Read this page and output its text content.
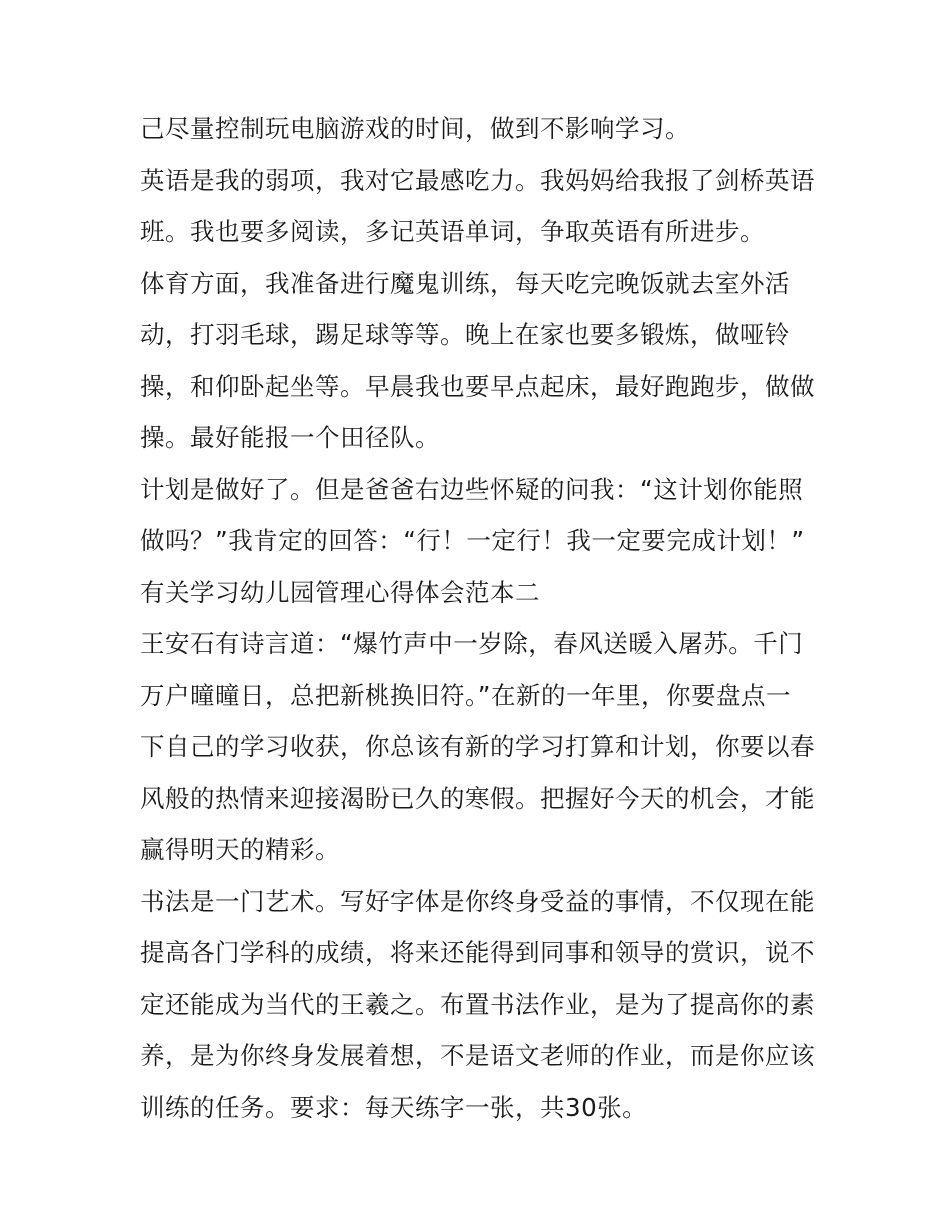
己尽量控制玩电脑游戏的时间，做到不影响学习。
英语是我的弱项，我对它最感吃力。我妈妈给我报了剑桥英语
班。我也要多阅读，多记英语单词，争取英语有所进步。
体育方面，我准备进行魔鬼训练，每天吃完晚饭就去室外活
动，打羽毛球，踢足球等等。晚上在家也要多锻炼，做哑铃
操，和仰卧起坐等。早晨我也要早点起床，最好跑跑步，做做
操。最好能报一个田径队。
计划是做好了。但是爸爸右边些怀疑的问我：“这计划你能照
做吗？”我肯定的回答：“行！一定行！我一定要完成计划！”
有关学习幼儿园管理心得体会范本二
王安石有诗言道：“爆竹声中一岁除，春风送暖入屠苏。千门
万户曈曈日，总把新桃换旧符。”在新的一年里，你要盘点一
下自己的学习收获，你总该有新的学习打算和计划，你要以春
风般的热情来迎接渴盼已久的寒假。把握好今天的机会，才能
赢得明天的精彩。
书法是一门艺术。写好字体是你终身受益的事情，不仅现在能
提高各门学科的成绩，将来还能得到同事和领导的赏识，说不
定还能成为当代的王羲之。布置书法作业，是为了提高你的素
养，是为你终身发展着想，不是语文老师的作业，而是你应该
训练的任务。要求：每天练字一张，共30张。
